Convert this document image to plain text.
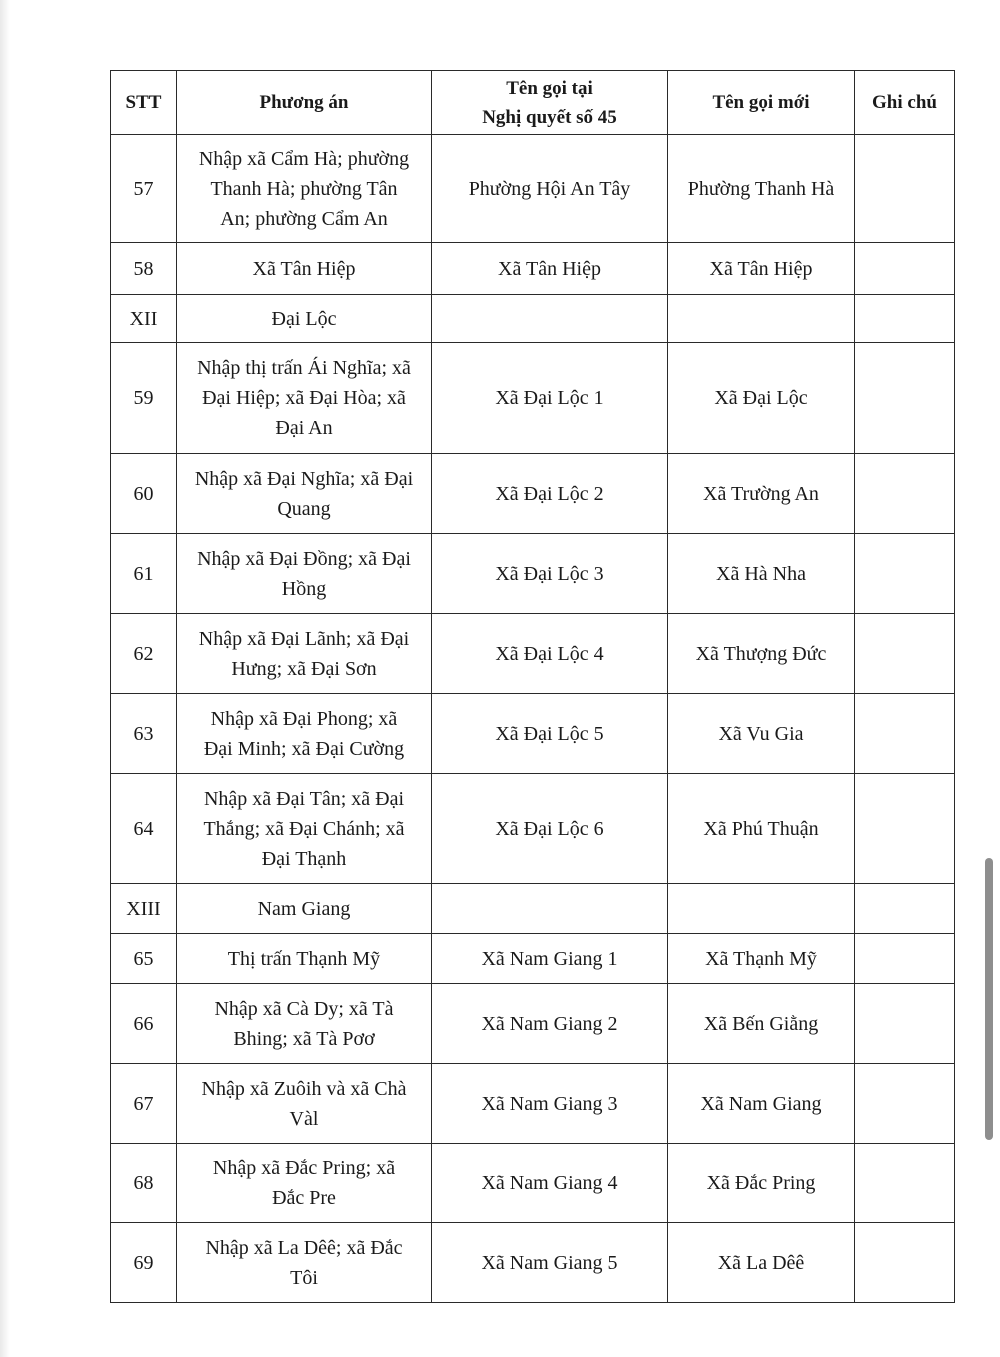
STT	Phương án	Tên gọi tại
Nghị quyết số 45	Tên gọi mới	Ghi chú
57	Nhập xã Cẩm Hà; phường
Thanh Hà; phường Tân
An; phường Cẩm An	Phường Hội An Tây	Phường Thanh Hà	
58	Xã Tân Hiệp	Xã Tân Hiệp	Xã Tân Hiệp	
XII	Đại Lộc			
59	Nhập thị trấn Ái Nghĩa; xã
Đại Hiệp; xã Đại Hòa; xã
Đại An	Xã Đại Lộc 1	Xã Đại Lộc	
60	Nhập xã Đại Nghĩa; xã Đại
Quang	Xã Đại Lộc 2	Xã Trường An	
61	Nhập xã Đại Đồng; xã Đại
Hồng	Xã Đại Lộc 3	Xã Hà Nha	
62	Nhập xã Đại Lãnh; xã Đại
Hưng; xã Đại Sơn	Xã Đại Lộc 4	Xã Thượng Đức	
63	Nhập xã Đại Phong; xã
Đại Minh; xã Đại Cường	Xã Đại Lộc 5	Xã Vu Gia	
64	Nhập xã Đại Tân; xã Đại
Thắng; xã Đại Chánh; xã
Đại Thạnh	Xã Đại Lộc 6	Xã Phú Thuận	
XIII	Nam Giang			
65	Thị trấn Thạnh Mỹ	Xã Nam Giang 1	Xã Thạnh Mỹ	
66	Nhập xã Cà Dy; xã Tà
Bhing; xã Tà Pơơ	Xã Nam Giang 2	Xã Bến Giằng	
67	Nhập xã Zuôih và xã Chà
Vàl	Xã Nam Giang 3	Xã Nam Giang	
68	Nhập xã Đắc Pring; xã
Đắc Pre	Xã Nam Giang 4	Xã Đắc Pring	
69	Nhập xã La Dêê; xã Đắc
Tôi	Xã Nam Giang 5	Xã La Dêê	
